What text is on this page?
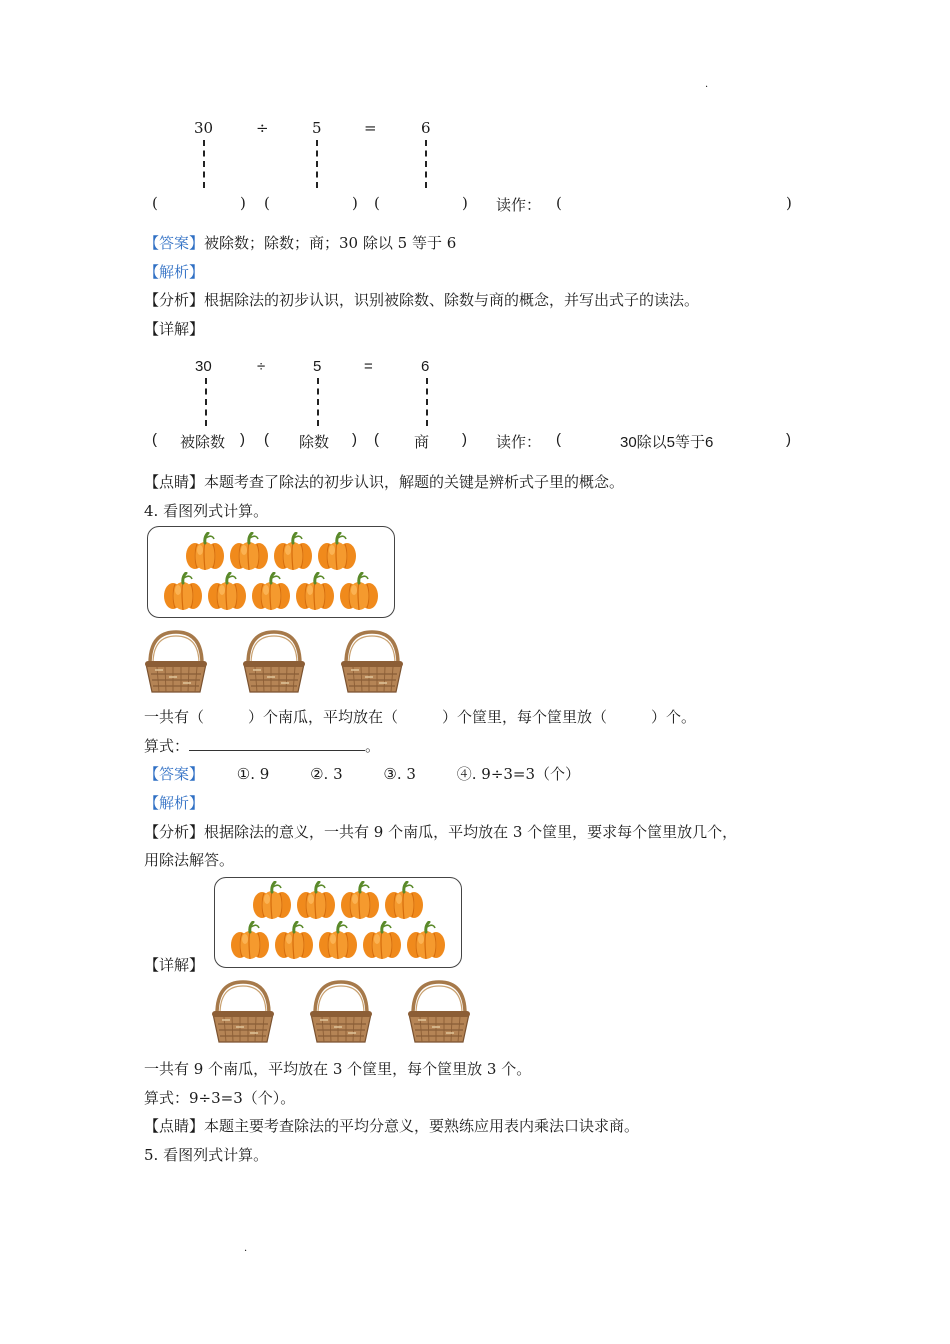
·
·
30	÷	5	=	6
(	) (	) (	) 读作： (	)
【答案】被除数；除数；商；30 除以 5 等于 6
【解析】
【分析】根据除法的初步认识，识别被除数、除数与商的概念，并写出式子的读法。
【详解】
30	÷	5	=	6
( 被除数 ) ( 除数 ) ( 商 ) 读作： (	30除以5等于6	)
【点睛】本题考查了除法的初步认识，解题的关键是辨析式子里的概念。
4. 看图列式计算。
一共有（	）个南瓜，平均放在（	）个筐里，每个筐里放（	）个。
算式：	。
【答案】 ①. 9	②. 3	③. 3	④. 9÷3=3（个）
【解析】
【分析】根据除法的意义，一共有 9 个南瓜，平均放在 3 个筐里，要求每个筐里放几个，
用除法解答。
【详解】
一共有 9 个南瓜，平均放在 3 个筐里，每个筐里放 3 个。
算式：9÷3=3（个）。
【点睛】本题主要考查除法的平均分意义，要熟练应用表内乘法口诀求商。
5. 看图列式计算。
